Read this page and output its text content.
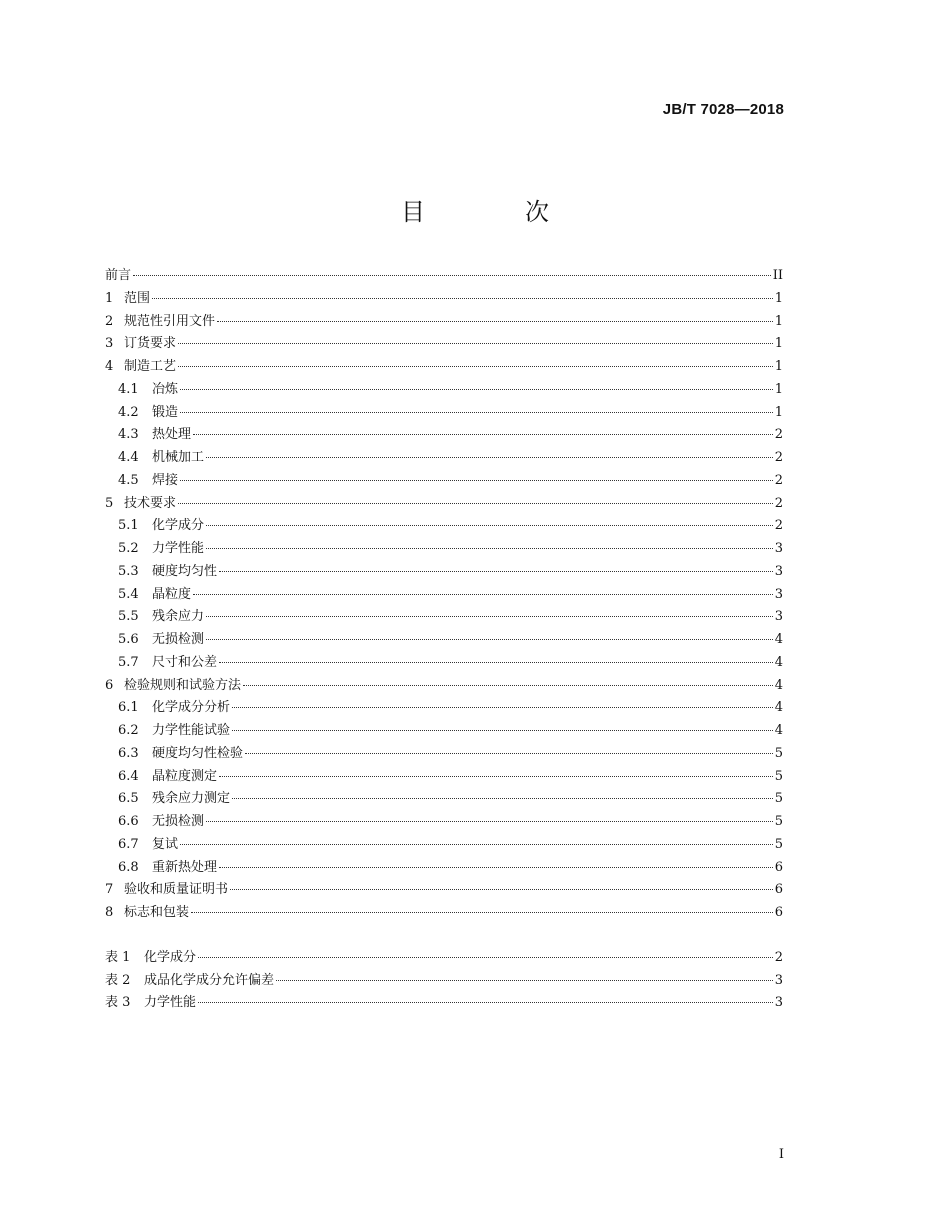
JB/T 7028—2018
目　次
前言	II
1 范围	1
2 规范性引用文件	1
3 订货要求	1
4 制造工艺	1
4.1	冶炼	1
4.2	锻造	1
4.3	热处理	2
4.4	机械加工	2
4.5	焊接	2
5 技术要求	2
5.1	化学成分	2
5.2	力学性能	3
5.3	硬度均匀性	3
5.4	晶粒度	3
5.5	残余应力	3
5.6	无损检测	4
5.7	尺寸和公差	4
6 检验规则和试验方法	4
6.1	化学成分分析	4
6.2	力学性能试验	4
6.3	硬度均匀性检验	5
6.4	晶粒度测定	5
6.5	残余应力测定	5
6.6	无损检测	5
6.7	复试	5
6.8	重新热处理	6
7 验收和质量证明书	6
8 标志和包装	6
表 1	化学成分	2
表 2	成品化学成分允许偏差	3
表 3	力学性能	3
I
